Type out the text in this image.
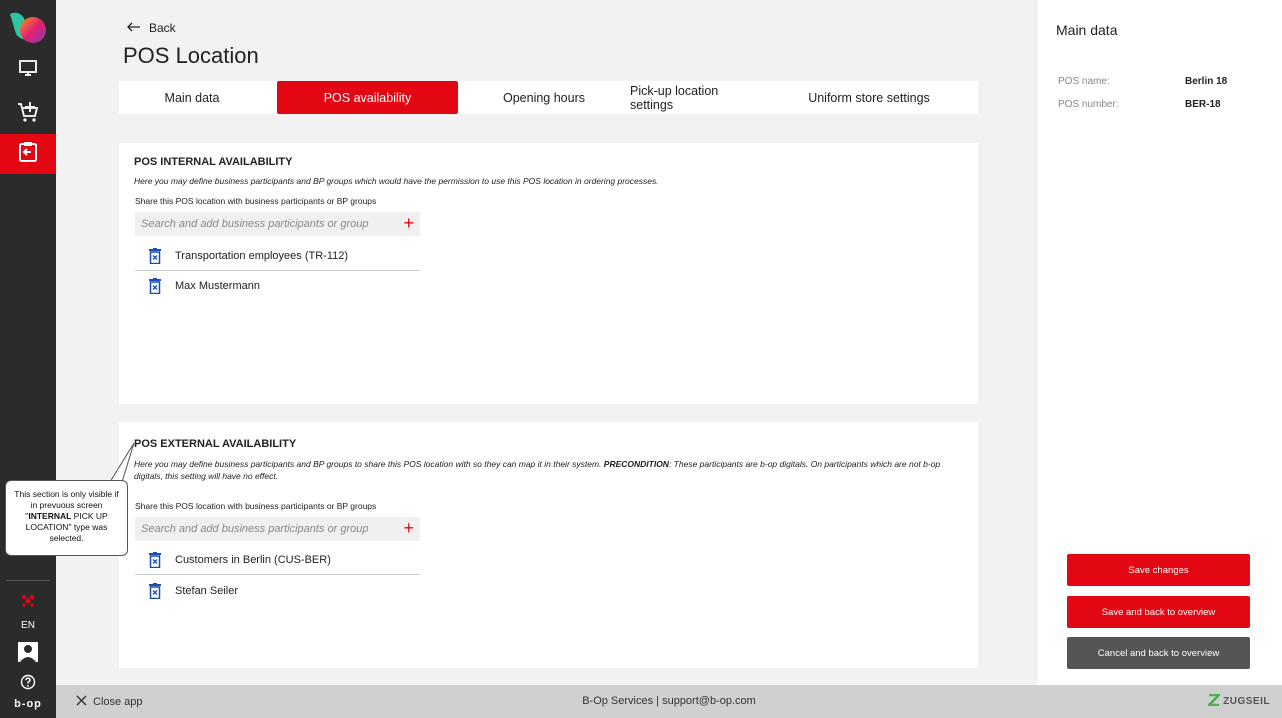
EN
b-op
Back
POS Location
Main data	POS availability	Opening hours	Pick-up location settings	Uniform store settings
POS INTERNAL AVAILABILITY
Here you may define business participants and BP groups which would have the permission to use this POS location in ordering processes.
Share this POS location with business participants or BP groups
Search and add business participants or group
+
Transportation employees (TR-112)
Max Mustermann
POS EXTERNAL AVAILABILITY
Here you may define business participants and BP groups to share this POS location with so they can map it in their system. PRECONDITION: These participants are b-op digitals. On participants which are not b-op digitals, this setting will have no effect.
Share this POS location with business participants or BP groups
Search and add business participants or group
+
Customers in Berlin (CUS-BER)
Stefan Seiler
Main data
POS name:	Berlin 18
POS number:	BER-18
Save changes
Save and back to overview
Cancel and back to overview
Close app	B-Op Services | support@b-op.com	ZUGSEIL
This section is only visible if in prevuous screen "INTERNAL PICK UP LOCATION" type was selected.
